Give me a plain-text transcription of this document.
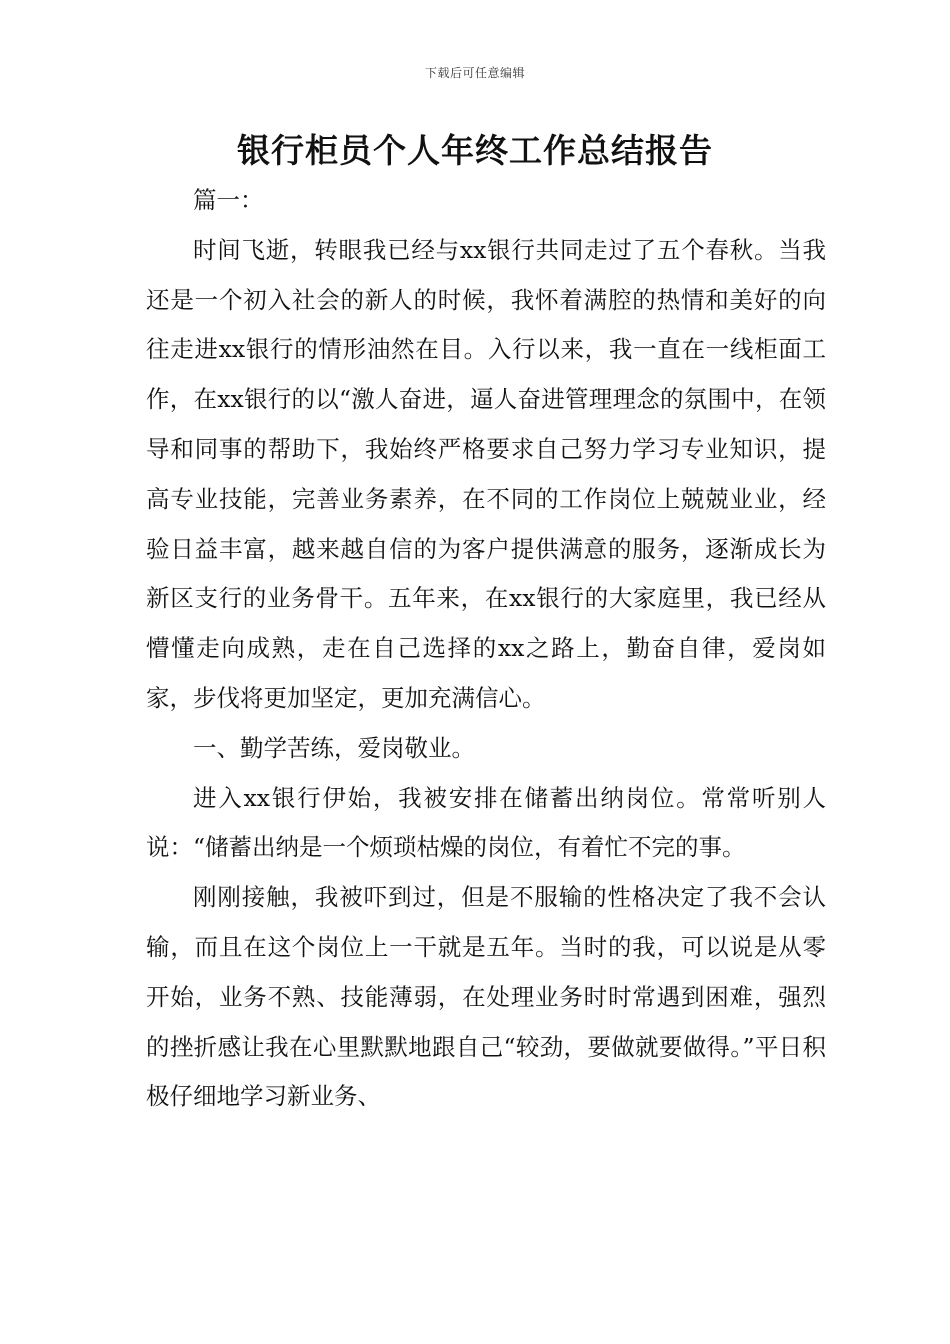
下载后可任意编辑
银行柜员个人年终工作总结报告

篇一：

时间飞逝，转眼我已经与xx银行共同走过了五个春秋。当我还是一个初入社会的新人的时候，我怀着满腔的热情和美好的向往走进xx银行的情形油然在目。入行以来，我一直在一线柜面工作，在xx银行的以“激人奋进，逼人奋进管理理念的氛围中，在领导和同事的帮助下，我始终严格要求自己努力学习专业知识，提高专业技能，完善业务素养，在不同的工作岗位上兢兢业业，经验日益丰富，越来越自信的为客户提供满意的服务，逐渐成长为新区支行的业务骨干。五年来，在xx银行的大家庭里，我已经从懵懂走向成熟，走在自己选择的xx之路上，勤奋自律，爱岗如家，步伐将更加坚定，更加充满信心。

一、勤学苦练，爱岗敬业。

进入xx银行伊始，我被安排在储蓄出纳岗位。常常听别人说：“储蓄出纳是一个烦琐枯燥的岗位，有着忙不完的事。

刚刚接触，我被吓到过，但是不服输的性格决定了我不会认输，而且在这个岗位上一干就是五年。当时的我，可以说是从零开始，业务不熟、技能薄弱，在处理业务时时常遇到困难，强烈的挫折感让我在心里默默地跟自己“较劲，要做就要做得。”平日积极仔细地学习新业务、
